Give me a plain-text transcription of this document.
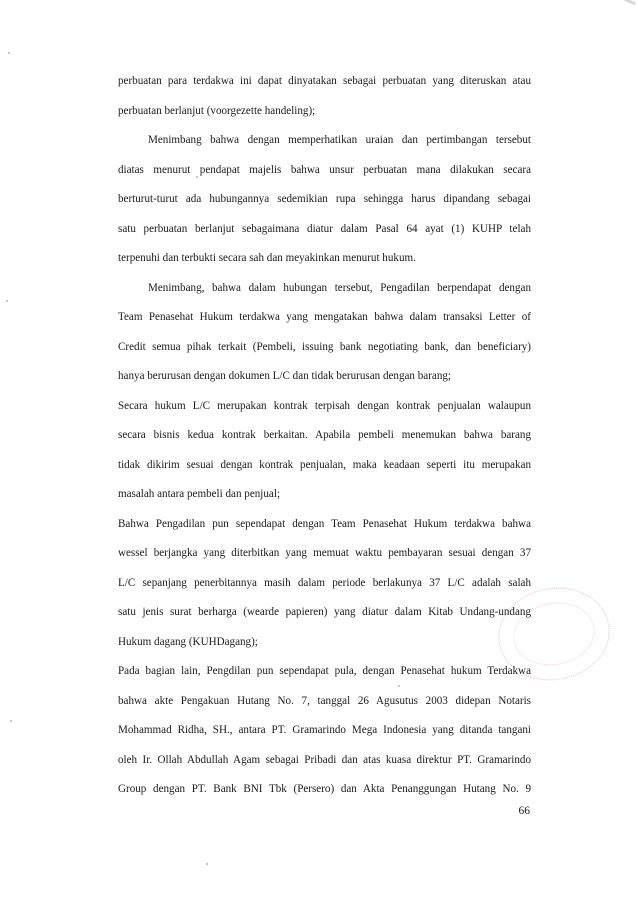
perbuatan para terdakwa ini dapat dinyatakan sebagai perbuatan yang diteruskan atau
perbuatan berlanjut (voorgezette handeling);
Menimbang bahwa dengan memperhatikan uraian dan pertimbangan tersebut
diatas menurut pendapat majelis bahwa unsur perbuatan mana dilakukan secara
berturut-turut ada hubungannya sedemikian rupa sehingga harus dipandang sebagai
satu perbuatan berlanjut sebagaimana diatur dalam Pasal 64 ayat (1) KUHP telah
terpenuhi dan terbukti secara sah dan meyakinkan menurut hukum.
Menimbang, bahwa dalam hubungan tersebut, Pengadilan berpendapat dengan
Team Penasehat Hukum terdakwa yang mengatakan bahwa dalam transaksi Letter of
Credit semua pihak terkait (Pembeli, issuing bank negotiating bank, dan beneficiary)
hanya berurusan dengan dokumen L/C dan tidak berurusan dengan barang;
Secara hukum L/C merupakan kontrak terpisah dengan kontrak penjualan walaupun
secara bisnis kedua kontrak berkaitan. Apabila pembeli menemukan bahwa barang
tidak dikirim sesuai dengan kontrak penjualan, maka keadaan seperti itu merupakan
masalah antara pembeli dan penjual;
Bahwa Pengadilan pun sependapat dengan Team Penasehat Hukum terdakwa bahwa
wessel berjangka yang diterbitkan yang memuat waktu pembayaran sesuai dengan 37
L/C sepanjang penerbitannya masih dalam periode berlakunya 37 L/C adalah salah
satu jenis surat berharga (wearde papieren) yang diatur dalam Kitab Undang-undang
Hukum dagang (KUHDagang);
Pada bagian lain, Pengdilan pun sependapat pula, dengan Penasehat hukum Terdakwa
bahwa akte Pengakuan Hutang No. 7, tanggal 26 Agusutus 2003 didepan Notaris
Mohammad Ridha, SH., antara PT. Gramarindo Mega Indonesia yang ditanda tangani
oleh Ir. Ollah Abdullah Agam sebagai Pribadi dan atas kuasa direktur PT. Gramarindo
Group dengan PT. Bank BNI Tbk (Persero) dan Akta Penanggungan Hutang No. 9
66
